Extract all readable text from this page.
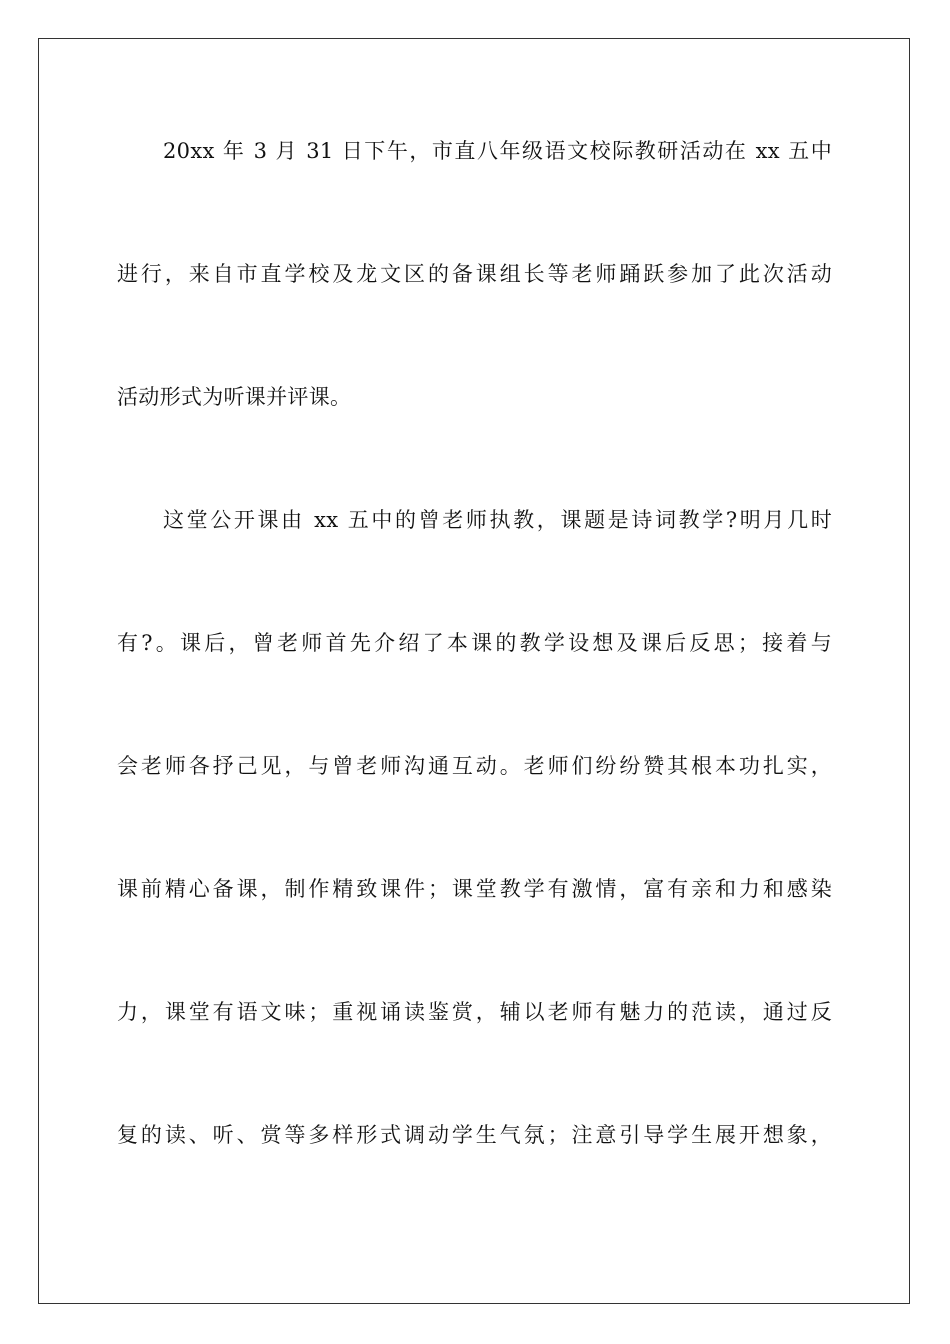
20xx 年 3 月 31 日下午，市直八年级语文校际教研活动在 xx 五中
进行，来自市直学校及龙文区的备课组长等老师踊跃参加了此次活动
活动形式为听课并评课。
这堂公开课由 xx 五中的曾老师执教，课题是诗词教学?明月几时
有?。课后，曾老师首先介绍了本课的教学设想及课后反思；接着与
会老师各抒己见，与曾老师沟通互动。老师们纷纷赞其根本功扎实，
课前精心备课，制作精致课件；课堂教学有激情，富有亲和力和感染
力，课堂有语文味；重视诵读鉴赏，辅以老师有魅力的范读，通过反
复的读、听、赏等多样形式调动学生气氛；注意引导学生展开想象，
